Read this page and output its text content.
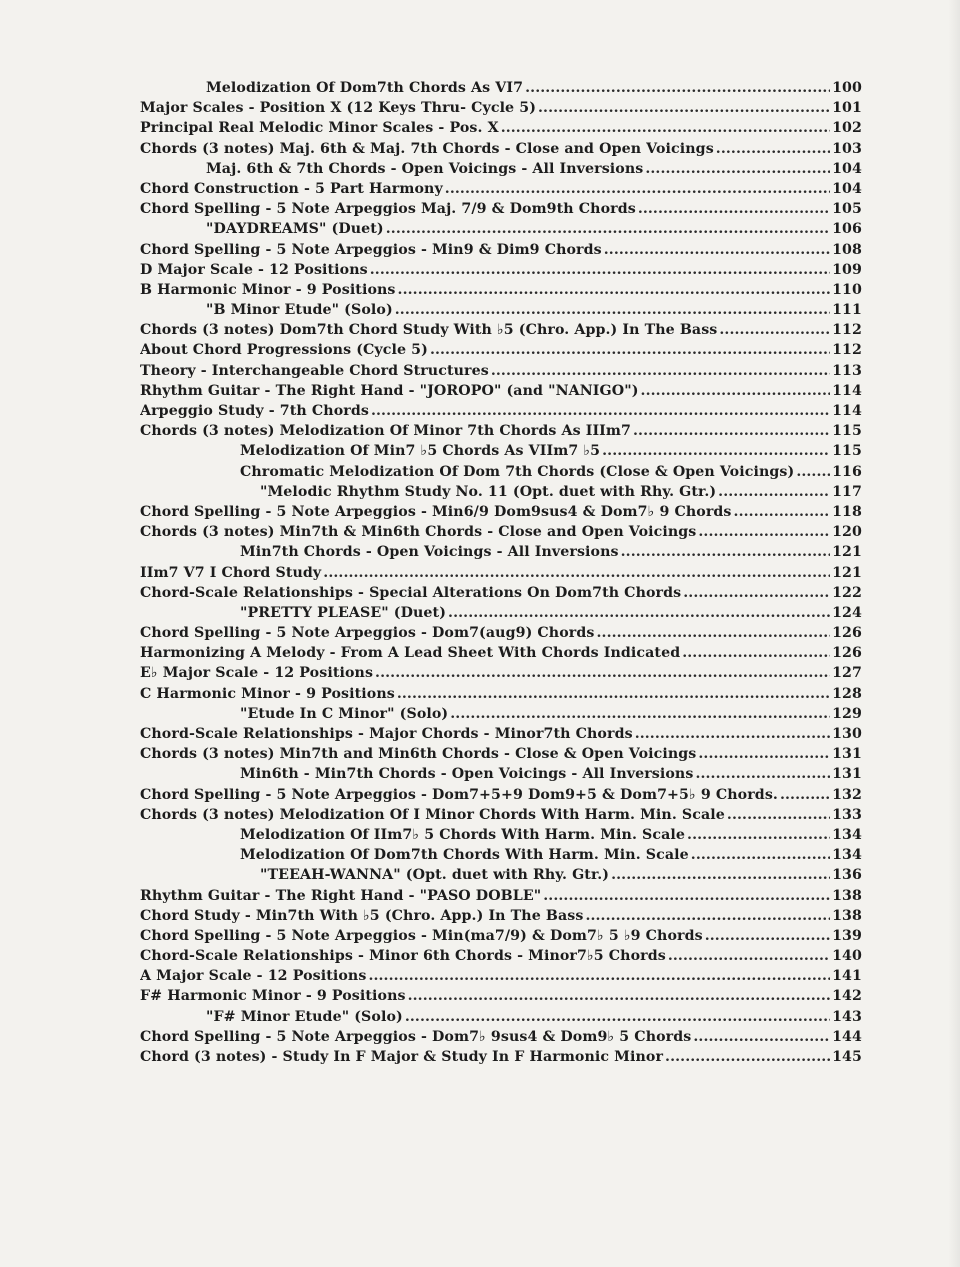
Melodization Of Dom7th Chords As VI7 .....	100
Major Scales - Position X (12 Keys Thru- Cycle 5) .....	101
Principal Real Melodic Minor Scales - Pos. X .....	102
Chords (3 notes) Maj. 6th & Maj. 7th Chords - Close and Open Voicings .....	103
Maj. 6th & 7th Chords - Open Voicings - All Inversions .....	104
Chord Construction - 5 Part Harmony .....	104
Chord Spelling - 5 Note Arpeggios Maj. 7/9 & Dom9th Chords .....	105
"DAYDREAMS" (Duet) .....	106
Chord Spelling - 5 Note Arpeggios - Min9 & Dim9 Chords .....	108
D Major Scale - 12 Positions .....	109
B Harmonic Minor - 9 Positions .....	110
"B Minor Etude" (Solo) .....	111
Chords (3 notes) Dom7th Chord Study With ♭5 (Chro. App.) In The Bass .....	112
About Chord Progressions (Cycle 5) .....	112
Theory - Interchangeable Chord Structures .....	113
Rhythm Guitar - The Right Hand - "JOROPO" (and "NANIGO") .....	114
Arpeggio Study - 7th Chords .....	114
Chords (3 notes) Melodization Of Minor 7th Chords As IIIm7 .....	115
Melodization Of Min7 ♭5 Chords As VIIm7 ♭5 .....	115
Chromatic Melodization Of Dom 7th Chords (Close & Open Voicings) .....	116
"Melodic Rhythm Study No. 11 (Opt. duet with Rhy. Gtr.) .....	117
Chord Spelling - 5 Note Arpeggios - Min6/9 Dom9sus4 & Dom7♭ 9 Chords .....	118
Chords (3 notes) Min7th & Min6th Chords - Close and Open Voicings .....	120
Min7th Chords - Open Voicings - All Inversions .....	121
IIm7 V7 I Chord Study .....	121
Chord-Scale Relationships - Special Alterations On Dom7th Chords .....	122
"PRETTY PLEASE" (Duet) .....	124
Chord Spelling - 5 Note Arpeggios - Dom7(aug9) Chords .....	126
Harmonizing A Melody - From A Lead Sheet With Chords Indicated .....	126
E♭ Major Scale - 12 Positions .....	127
C Harmonic Minor - 9 Positions .....	128
"Etude In C Minor" (Solo) .....	129
Chord-Scale Relationships - Major Chords - Minor7th Chords .....	130
Chords (3 notes) Min7th and Min6th Chords - Close & Open Voicings .....	131
Min6th - Min7th Chords - Open Voicings - All Inversions .....	131
Chord Spelling - 5 Note Arpeggios - Dom7+5+9 Dom9+5 & Dom7+5♭ 9 Chords. .....	132
Chords (3 notes) Melodization Of I Minor Chords With Harm. Min. Scale .....	133
Melodization Of IIm7♭ 5 Chords With Harm. Min. Scale .....	134
Melodization Of Dom7th Chords With Harm. Min. Scale .....	134
"TEEAH-WANNA" (Opt. duet with Rhy. Gtr.) .....	136
Rhythm Guitar - The Right Hand - "PASO DOBLE" .....	138
Chord Study - Min7th With ♭5 (Chro. App.) In The Bass .....	138
Chord Spelling - 5 Note Arpeggios - Min(ma7/9) & Dom7♭ 5 ♭9 Chords .....	139
Chord-Scale Relationships - Minor 6th Chords - Minor7♭5 Chords .....	140
A Major Scale - 12 Positions .....	141
F# Harmonic Minor - 9 Positions .....	142
"F# Minor Etude" (Solo) .....	143
Chord Spelling - 5 Note Arpeggios - Dom7♭ 9sus4 & Dom9♭ 5 Chords .....	144
Chord (3 notes) - Study In F Major & Study In F Harmonic Minor .....	145
